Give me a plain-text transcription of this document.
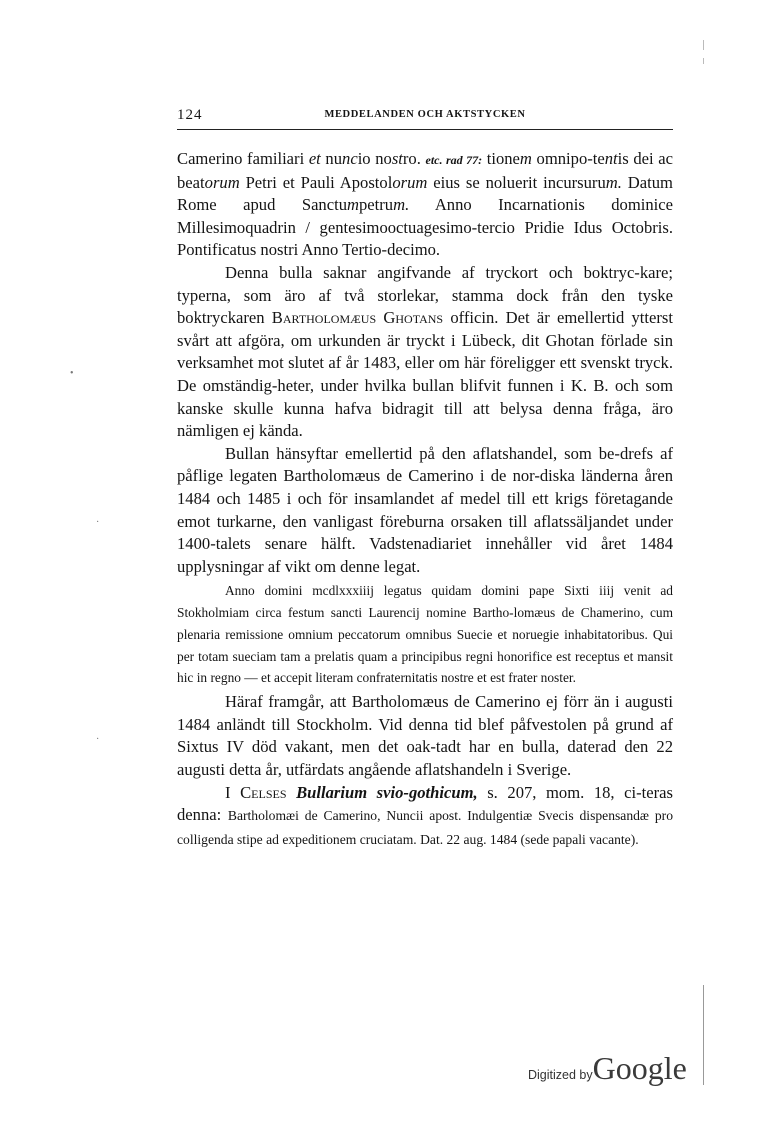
124	MEDDELANDEN OCH AKTSTYCKEN

Camerino familiari et nuncio nostro. etc. rad 77: tionem omnipo-tentis dei ac beatorum Petri et Pauli Apostolorum eius se noluerit incursurum. Datum Rome apud Sanctumpetrum. Anno Incarnationis dominice Millesimoquadrin / gentesimooctuagesimo-tercio Pridie Idus Octobris. Pontificatus nostri Anno Tertio-decimo.

Denna bulla saknar angifvande af tryckort och boktryc-kare; typerna, som äro af två storlekar, stamma dock från den tyske boktryckaren Bartholomæus Ghotans officin. Det är emellertid ytterst svårt att afgöra, om urkunden är tryckt i Lübeck, dit Ghotan förlade sin verksamhet mot slutet af år 1483, eller om här föreligger ett svenskt tryck. De omständig-heter, under hvilka bullan blifvit funnen i K. B. och som kanske skulle kunna hafva bidragit till att belysa denna fråga, äro nämligen ej kända.

Bullan hänsyftar emellertid på den aflatshandel, som be-drefs af påflige legaten Bartholomæus de Camerino i de nor-diska länderna åren 1484 och 1485 i och för insamlandet af medel till ett krigs företagande emot turkarne, den vanligast föreburna orsaken till aflatssäljandet under 1400-talets senare hälft. Vadstenadiariet innehåller vid året 1484 upplysningar af vikt om denne legat.

Anno domini mcdlxxxiiij legatus quidam domini pape Sixti iiij venit ad Stokholmiam circa festum sancti Laurencij nomine Bartho-lomæus de Chamerino, cum plenaria remissione omnium peccatorum omnibus Suecie et noruegie inhabitatoribus. Qui per totam sueciam tam a prelatis quam a principibus regni honorifice est receptus et mansit hic in regno — et accepit literam confraternitatis nostre et est frater noster.

Häraf framgår, att Bartholomæus de Camerino ej förr än i augusti 1484 anländt till Stockholm. Vid denna tid blef påfvestolen på grund af Sixtus IV död vakant, men det oak-tadt har en bulla, daterad den 22 augusti detta år, utfärdats angående aflatshandeln i Sverige.

I Celses Bullarium svio-gothicum, s. 207, mom. 18, ci-teras denna: Bartholomæi de Camerino, Nuncii apost. Indulgentiæ Svecis dispensandæ pro colligenda stipe ad expeditionem cruciatam. Dat. 22 aug. 1484 (sede papali vacante).

•
·
·
Digitized byGoogle
